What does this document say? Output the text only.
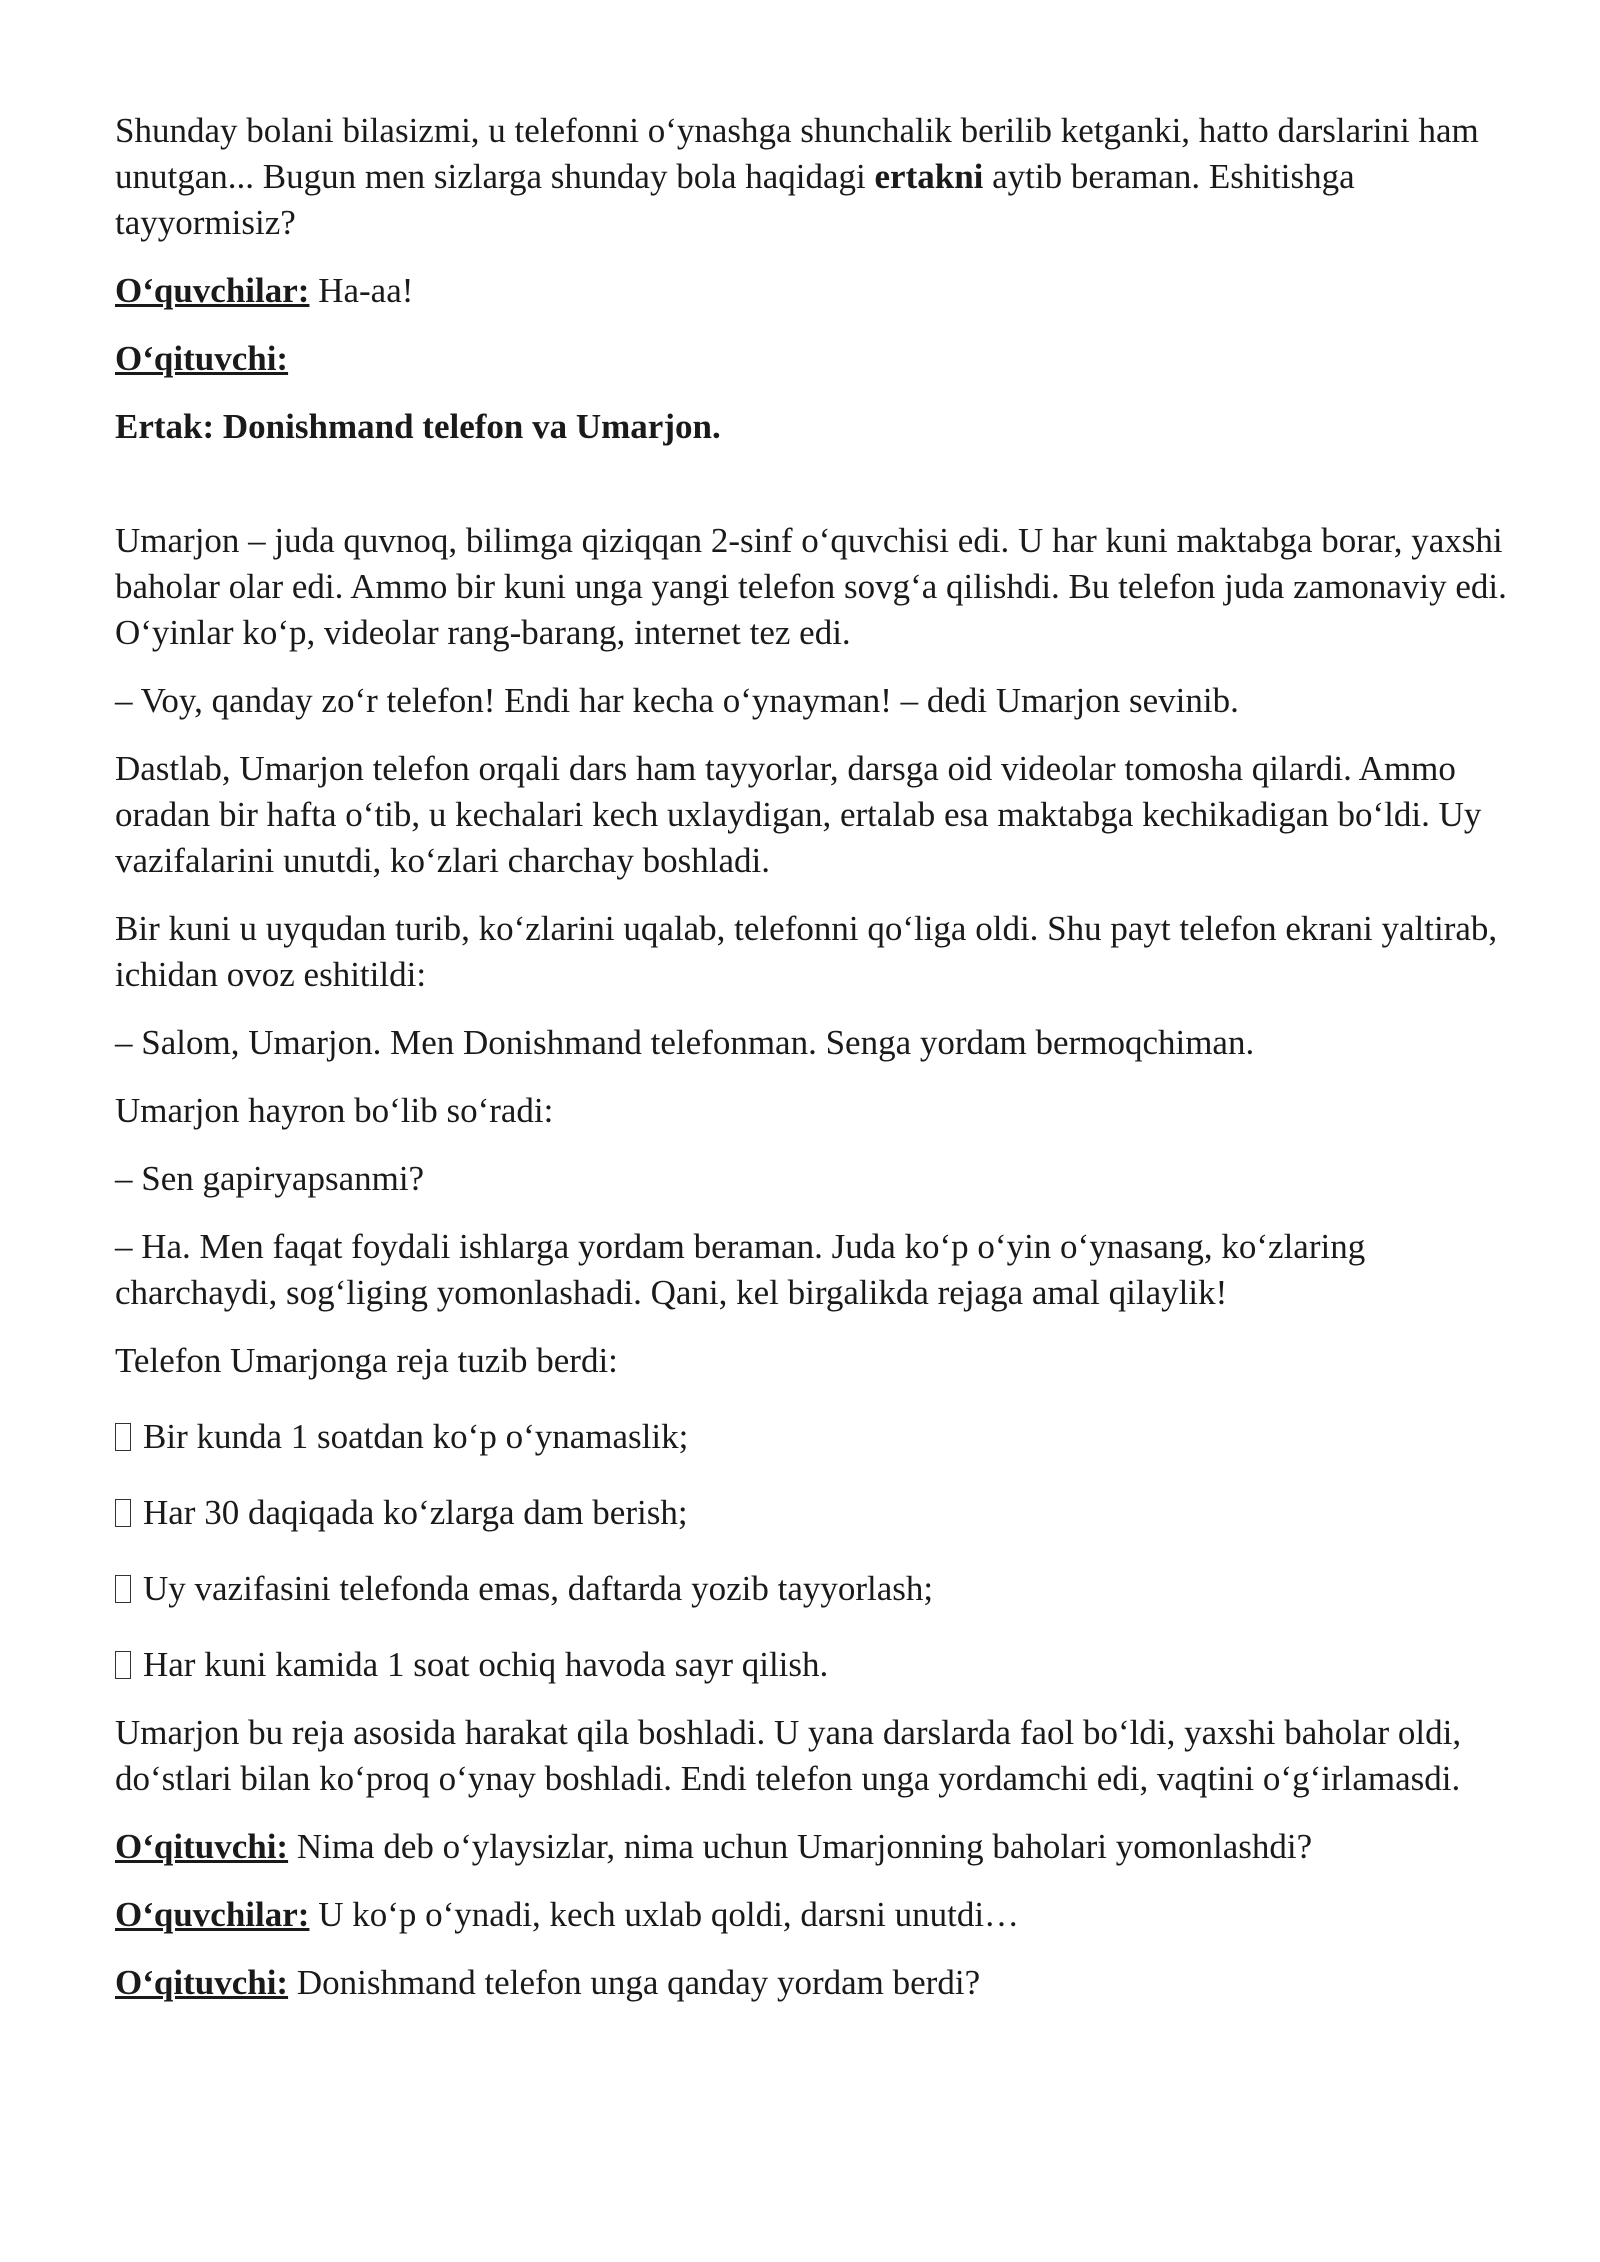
Shunday bolani bilasizmi, u telefonni o‘ynashga shunchalik berilib ketganki, hatto darslarini ham unutgan... Bugun men sizlarga shunday bola haqidagi ertakni aytib beraman. Eshitishga tayyormisiz?

O‘quvchilar: Ha-aa!

O‘qituvchi:

Ertak: Donishmand telefon va Umarjon.

Umarjon – juda quvnoq, bilimga qiziqqan 2-sinf o‘quvchisi edi. U har kuni maktabga borar, yaxshi baholar olar edi. Ammo bir kuni unga yangi telefon sovg‘a qilishdi. Bu telefon juda zamonaviy edi. O‘yinlar ko‘p, videolar rang-barang, internet tez edi.

– Voy, qanday zo‘r telefon! Endi har kecha o‘ynayman! – dedi Umarjon sevinib.

Dastlab, Umarjon telefon orqali dars ham tayyorlar, darsga oid videolar tomosha qilardi. Ammo oradan bir hafta o‘tib, u kechalari kech uxlaydigan, ertalab esa maktabga kechikadigan bo‘ldi. Uy vazifalarini unutdi, ko‘zlari charchay boshladi.

Bir kuni u uyqudan turib, ko‘zlarini uqalab, telefonni qo‘liga oldi. Shu payt telefon ekrani yaltirab, ichidan ovoz eshitildi:

– Salom, Umarjon. Men Donishmand telefonman. Senga yordam bermoqchiman.

Umarjon hayron bo‘lib so‘radi:

– Sen gapiryapsanmi?

– Ha. Men faqat foydali ishlarga yordam beraman. Juda ko‘p o‘yin o‘ynasang, ko‘zlaring charchaydi, sog‘liging yomonlashadi. Qani, kel birgalikda rejaga amal qilaylik!

Telefon Umarjonga reja tuzib berdi:

Bir kunda 1 soatdan ko‘p o‘ynamaslik;

Har 30 daqiqada ko‘zlarga dam berish;

Uy vazifasini telefonda emas, daftarda yozib tayyorlash;

Har kuni kamida 1 soat ochiq havoda sayr qilish.

Umarjon bu reja asosida harakat qila boshladi. U yana darslarda faol bo‘ldi, yaxshi baholar oldi, do‘stlari bilan ko‘proq o‘ynay boshladi. Endi telefon unga yordamchi edi, vaqtini o‘g‘irlamasdi.

O‘qituvchi: Nima deb o‘ylaysizlar, nima uchun Umarjonning baholari yomonlashdi?

O‘quvchilar: U ko‘p o‘ynadi, kech uxlab qoldi, darsni unutdi…

O‘qituvchi: Donishmand telefon unga qanday yordam berdi?
